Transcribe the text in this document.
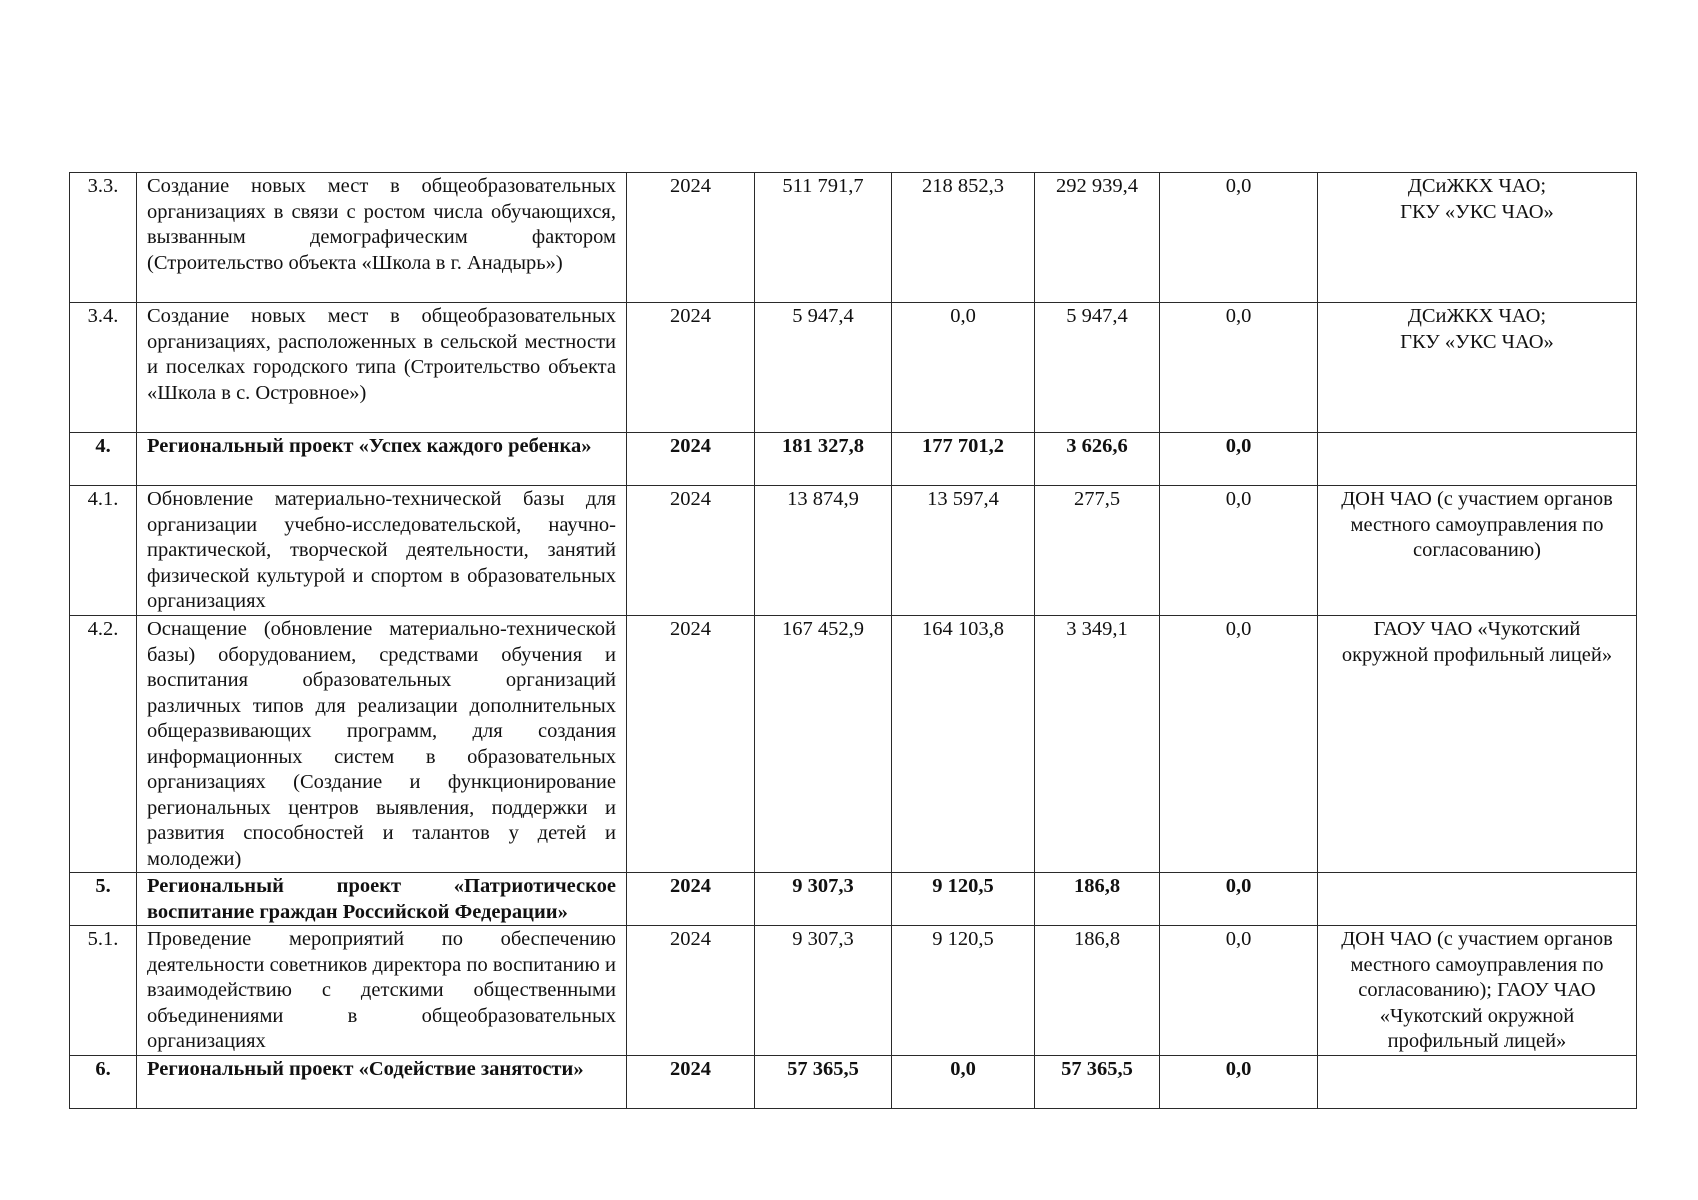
3.3.	Создание новых мест в общеобразовательных организациях в связи с ростом числа обучающихся, вызванным демографическим фактором (Строительство объекта «Школа в г. Анадырь»)	2024	511 791,7	218 852,3	292 939,4	0,0	ДСиЖКХ ЧАО;
ГКУ «УКС ЧАО»

3.4.	Создание новых мест в общеобразовательных организациях, расположенных в сельской местности и поселках городского типа (Строительство объекта «Школа в с. Островное»)	2024	5 947,4	0,0	5 947,4	0,0	ДСиЖКХ ЧАО;
ГКУ «УКС ЧАО»

4.	Региональный проект «Успех каждого ребенка»	2024	181 327,8	177 701,2	3 626,6	0,0	
4.1.	Обновление материально-технической базы для организации учебно-исследовательской, научно-практической, творческой деятельности, занятий физической культурой и спортом в образовательных организациях	2024	13 874,9	13 597,4	277,5	0,0	ДОН ЧАО (с участием органов местного самоуправления по согласованию)
4.2.	Оснащение (обновление материально-технической базы) оборудованием, средствами обучения и воспитания образовательных организаций различных типов для реализации дополнительных общеразвивающих программ, для создания информационных систем в образовательных организациях (Создание и функционирование региональных центров выявления, поддержки и развития способностей и талантов у детей и молодежи)	2024	167 452,9	164 103,8	3 349,1	0,0	ГАОУ ЧАО «Чукотский окружной профильный лицей»
5.	Региональный проект «Патриотическое воспитание граждан Российской Федерации»	2024	9 307,3	9 120,5	186,8	0,0	
5.1.	Проведение мероприятий по обеспечению деятельности советников директора по воспитанию и взаимодействию с детскими общественными объединениями в общеобразовательных организациях	2024	9 307,3	9 120,5	186,8	0,0	ДОН ЧАО (с участием органов местного самоуправления по согласованию); ГАОУ ЧАО «Чукотский окружной профильный лицей»
6.	Региональный проект «Содействие занятости»	2024	57 365,5	0,0	57 365,5	0,0	
